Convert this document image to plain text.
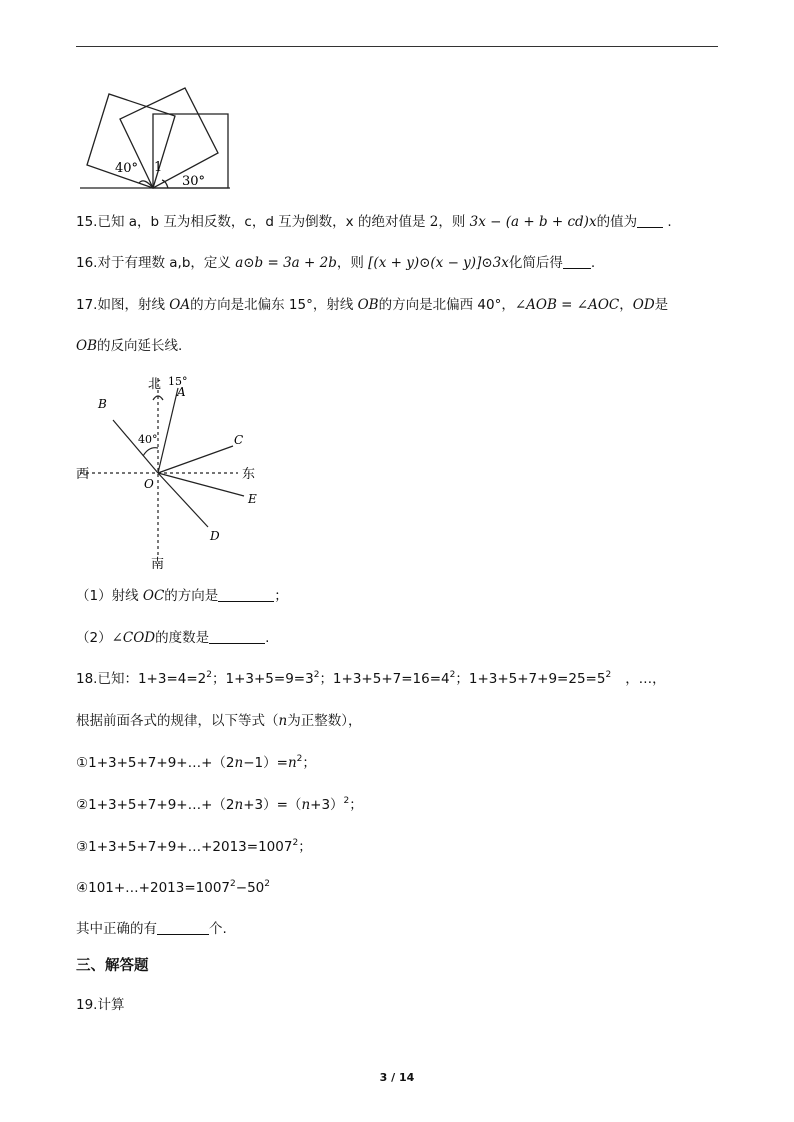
40° 1
30°
15.已知 a，b 互为相反数，c，d 互为倒数，x 的绝对值是 2，则 3x − (a + b + cd)x的值为 .
16.对于有理数 a,b，定义 a⊙b = 3a + 2b，则 [(x + y)⊙(x − y)]⊙3x化简后得 .
17.如图，射线 OA的方向是北偏东 15°，射线 OB的方向是北偏西 40°，∠AOB = ∠AOC，OD是
OB的反向延长线.
北
南
西	东
A
B
C
D
E
O
15°
40°
（1）射线 OC的方向是	；
（2）∠COD的度数是	.
18.已知：$1+3=4=2^2$；$1+3+5=9=3^2$；$1+3+5+7=16=4^2$；$1+3+5+7+9=25=5^2$ ，…，
根据前面各式的规律，以下等式（n为正整数），
$①1+3+5+7+9+\dots+(2n-1)=n^2$；
$②1+3+5+7+9+\dots+(2n+3)=(n+3)^2$；
$③1+3+5+7+9+\dots+2013=1007^2$；
$④101+\dots+2013=1007^2-50^2$
其中正确的有	个.
三、解答题
19.计算
3 / 14
